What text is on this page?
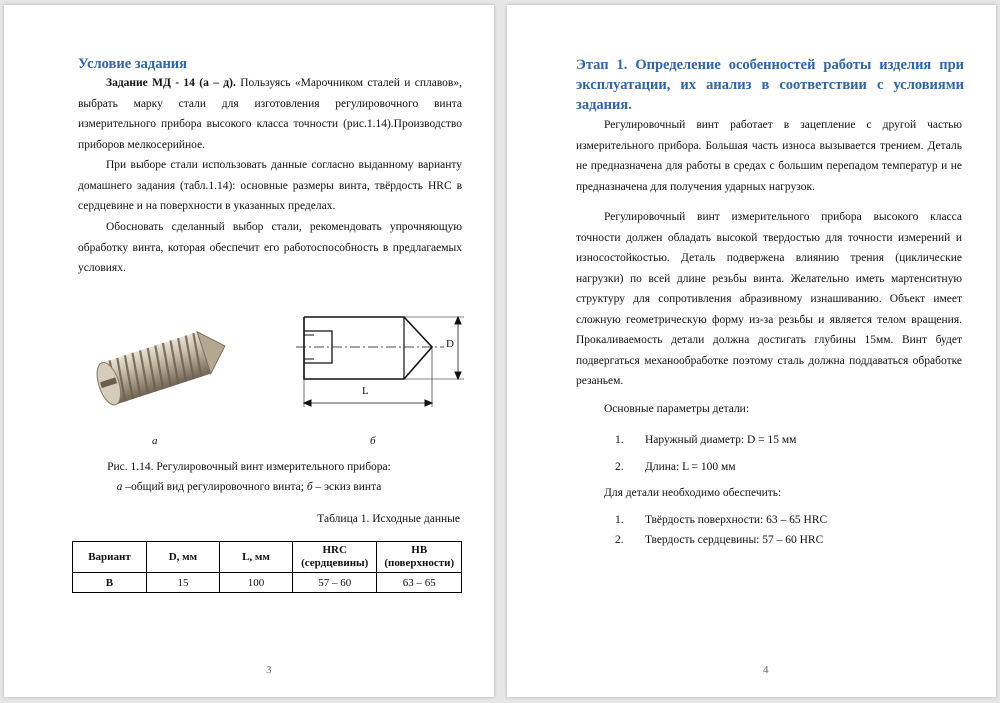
Условие задания

Задание МД - 14 (а – д). Пользуясь «Марочником сталей и сплавов», выбрать марку стали для изготовления регулировочного винта измерительного прибора высокого класса точности (рис.1.14).Производство приборов мелкосерийное.

При выборе стали использовать данные согласно выданному варианту домашнего задания (табл.1.14): основные размеры винта, твёрдость HRC в сердцевине и на поверхности в указанных пределах.

Обосновать сделанный выбор стали, рекомендовать упрочняющую обработку винта, которая обеспечит его работоспособность в предлагаемых условиях.

D
L
а	б
Рис. 1.14. Регулировочный винт измерительного прибора:
а –общий вид регулировочного винта; б – эскиз винта
Таблица 1. Исходные данные
Вариант	D, мм	L, мм	HRC (сердцевины)	HB (поверхности)
В	15	100	57 – 60	63 – 65
3
Этап 1. Определение особенностей работы изделия при эксплуатации, их анализ в соответствии с условиями задания.

Регулировочный винт работает в зацепление с другой частью измерительного прибора. Большая часть износа вызывается трением. Деталь не предназначена для работы в средах с большим перепадом температур и не предназначена для получения ударных нагрузок.

Регулировочный винт измерительного прибора высокого класса точности должен обладать высокой твердостью для точности измерений и износостойкостью. Деталь подвержена влиянию трения (циклические нагрузки) по всей длине резьбы винта. Желательно иметь мартенситную структуру для сопротивления абразивному изнашиванию. Объект имеет сложную геометрическую форму из-за резьбы и является телом вращения. Прокаливаемость детали должна достигать глубины 15мм. Винт будет подвергаться механообработке поэтому сталь должна поддаваться обработке резаньем.

Основные параметры детали:

1. Наружный диаметр: D = 15 мм
2. Длина: L = 100 мм

Для детали необходимо обеспечить:

1. Твёрдость поверхности: 63 – 65 HRC
2. Твердость сердцевины: 57 – 60 HRC
4
